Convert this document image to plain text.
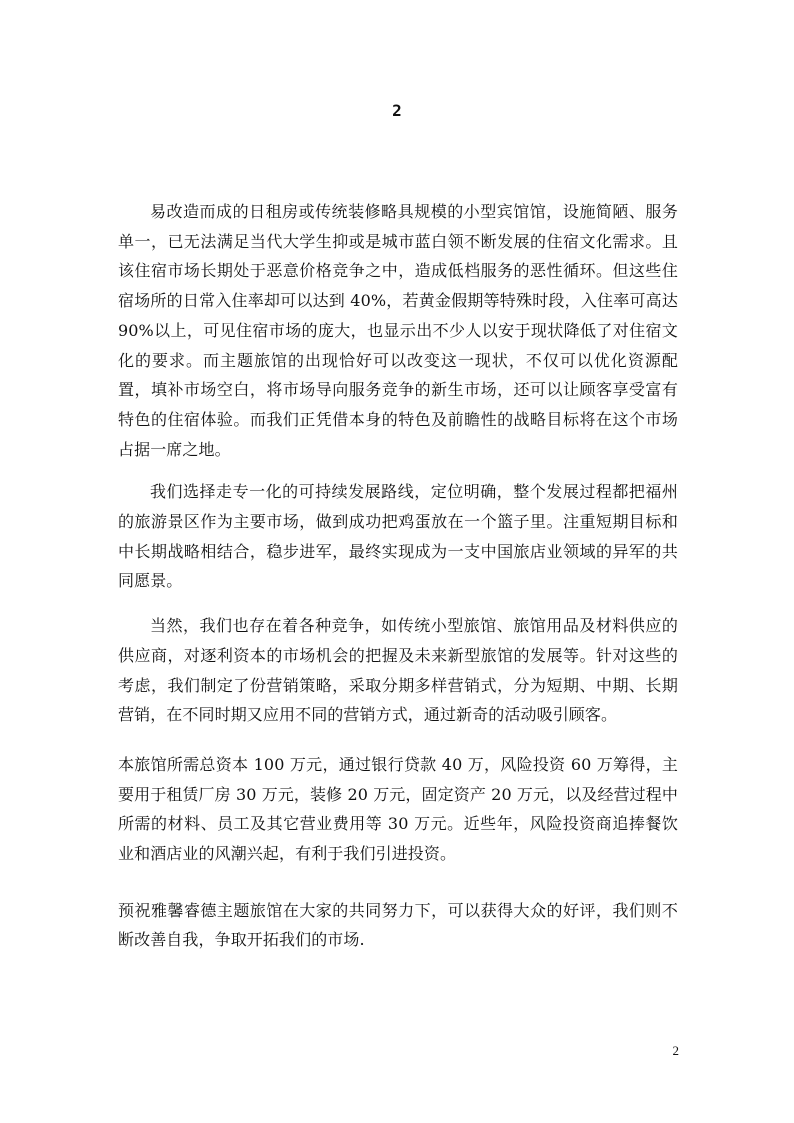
2

易改造而成的日租房或传统装修略具规模的小型宾馆馆，设施简陋、服务单一，已无法满足当代大学生抑或是城市蓝白领不断发展的住宿文化需求。且该住宿市场长期处于恶意价格竞争之中，造成低档服务的恶性循环。但这些住宿场所的日常入住率却可以达到 40%，若黄金假期等特殊时段，入住率可高达 90%以上，可见住宿市场的庞大，也显示出不少人以安于现状降低了对住宿文化的要求。而主题旅馆的出现恰好可以改变这一现状，不仅可以优化资源配置，填补市场空白，将市场导向服务竞争的新生市场，还可以让顾客享受富有特色的住宿体验。而我们正凭借本身的特色及前瞻性的战略目标将在这个市场占据一席之地。

我们选择走专一化的可持续发展路线，定位明确，整个发展过程都把福州的旅游景区作为主要市场，做到成功把鸡蛋放在一个篮子里。注重短期目标和中长期战略相结合，稳步进军，最终实现成为一支中国旅店业领域的异军的共同愿景。

当然，我们也存在着各种竞争，如传统小型旅馆、旅馆用品及材料供应的供应商，对逐利资本的市场机会的把握及未来新型旅馆的发展等。针对这些的考虑，我们制定了份营销策略，采取分期多样营销式，分为短期、中期、长期营销，在不同时期又应用不同的营销方式，通过新奇的活动吸引顾客。

本旅馆所需总资本 100 万元，通过银行贷款 40 万，风险投资 60 万筹得，主要用于租赁厂房 30 万元，装修 20 万元，固定资产 20 万元，以及经营过程中所需的材料、员工及其它营业费用等 30 万元。近些年，风险投资商追捧餐饮业和酒店业的风潮兴起，有利于我们引进投资。

预祝雅馨睿德主题旅馆在大家的共同努力下，可以获得大众的好评，我们则不断改善自我，争取开拓我们的市场.

2
